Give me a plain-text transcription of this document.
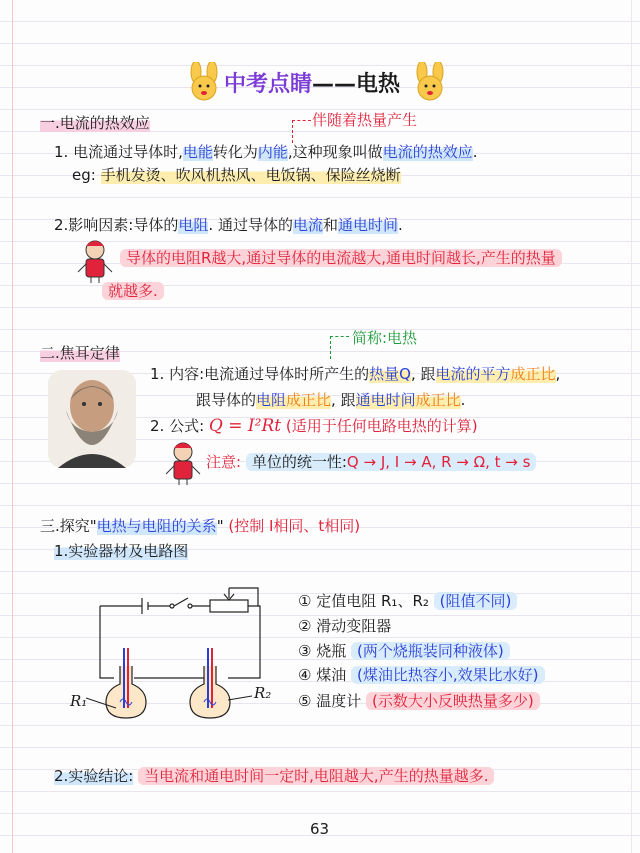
中考点睛——电热
一.电流的热效应	伴随着热量产生
1. 电流通过导体时,电能转化为内能,这种现象叫做电流的热效应.
eg: 手机发烫、吹风机热风、电饭锅、保险丝烧断
2.影响因素:导体的电阻. 通过导体的电流和通电时间.
导体的电阻R越大,通过导体的电流越大,通电时间越长,产生的热量
就越多.
二.焦耳定律
简称:电热
1. 内容:电流通过导体时所产生的热量Q, 跟电流的平方成正比,
跟导体的电阻成正比, 跟通电时间成正比.
2. 公式: Q = I²Rt (适用于任何电路电热的计算)
注意: 单位的统一性:Q → J, I → A, R → Ω, t → s
三.探究"电热与电阻的关系" (控制 I相同、t相同)
1.实验器材及电路图
R₁	R₂
① 定值电阻 R₁、R₂ (阻值不同)
② 滑动变阻器
③ 烧瓶 (两个烧瓶装同种液体)
④ 煤油 (煤油比热容小,效果比水好)
⑤ 温度计 (示数大小反映热量多少)
2.实验结论: 当电流和通电时间一定时,电阻越大,产生的热量越多.
63
